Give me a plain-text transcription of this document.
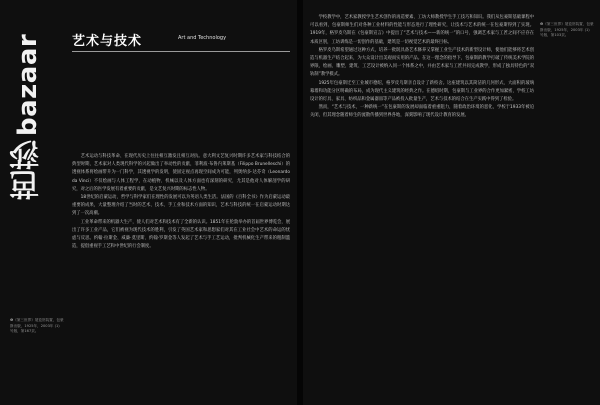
bazaar
芭莎
艺术与技术	Art and Technology

艺术运动与科技革命、在现代历史上往往相互激发且相互对抗。意大利文艺复兴时期许多艺术家与科技结合的典型时期，艺术家对人类现代科学的兴起做出了举动性的贡献，菲利波·布鲁内莱斯基（Filippo Brunelleschi）的透视体系将绘画带升为一门科学，其透视学的发明，使固定视点再现空间成为可能，列奥纳多·达芬奇（Leonardo da Vinci）不仅绘画与人体工程学，在动植物、机械以及人体方面也有深刻的研究，尤其是他对人体解剖学的研究，对之后的医学发展有着重要的贡献，是文艺复兴时期的标志性人物。

18世纪的启蒙运动，哲学与科学家们在理性的发展可以为英语人类生活。法国的《百科全书》作为启蒙运动最重要的成果，大量整理介绍了当时的艺术、技术、手工业和技术方面的知识，艺术与科技的统一在启蒙运动时期达到了一次高潮。

工业革命带来的机器大生产，使人们对艺术和技术有了全新的认识。1851年在伦敦举办的首届世界博览会，展出了许多工业产品，它们被视为现代技术的胜利，引发了英国艺术家和思想家们对其在工业社会中艺术的命运的忧虑与反思。约翰·拉斯金、威廉·莫里斯、约翰·罗斯金等人发起了艺术与手工艺运动，批判机械化生产带来的粗制滥造，提倡重视手工艺和中世纪的行会制度。

❶《第三世界》展览馆装置，包豪斯出版，1925年，2003年 (1) 号版，第167页。

学校教学中，艺术家教授学生艺术创作的再造要素、工坊大师教授学生手工技巧和知识。我们从包豪斯基础课程中可以看到，包豪斯师生们对各种工业材料的性能与形态进行了理性研究，让技术与艺术的统一在包豪斯得到了实现。1919年，格罗皮乌斯在《包豪斯宣言》中提出了“艺术与技术——新的统一”的口号，强调艺术家与工匠之间不应存在本质区别，工坊训练是一切创作的基础，建筑是一切视觉艺术的最终目标。

格罗皮乌斯希望通过这种方式，培养一批既具备艺术修养又掌握工业生产技术的新型设计师，使他们能够将艺术创造与机器生产结合起来，为大众设计出美观而实用的产品。在这一理念的指导下，包豪斯的教学打破了传统美术学院的界限，绘画、雕塑、建筑、工艺设计被纳入同一个体系之中，并由艺术家与工匠共同完成教学，形成了独具特色的“双轨制”教学模式。

1925年包豪斯迁至工业城市德绍，格罗皮乌斯亲自设计了新校舍。这座建筑以其简洁的几何形式、大面积的玻璃幕墙和功能分区明确的布局，成为现代主义建筑的经典之作。在德绍时期，包豪斯与工业界的合作更加紧密，学校工坊设计的灯具、家具、纺织品和金属器皿等产品被投入批量生产，艺术与技术的结合在生产实践中得到了检验。

然而，“艺术与技术，一种新统一”在包豪斯的发展却面临着重重阻力，随着政治环境的恶化，学校于1933年被迫关闭，但其理念随着师生的流散传播到世界各地，深刻影响了现代设计教育的发展。

❷《第三世界》展览馆装置，包豪斯出版，1925年，2003年 (1) 号版，第103页。
